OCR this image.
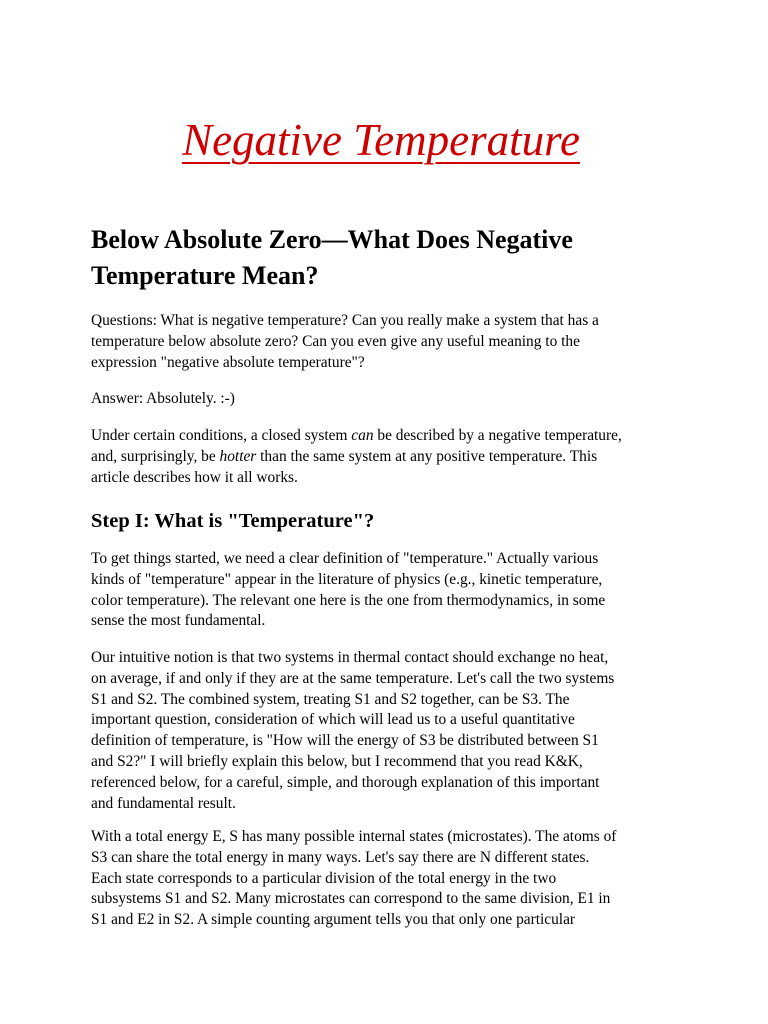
Negative Temperature
Below Absolute Zero—What Does Negative
Temperature Mean?

Questions: What is negative temperature? Can you really make a system that has a
temperature below absolute zero? Can you even give any useful meaning to the
expression "negative absolute temperature"?

Answer: Absolutely. :-)

Under certain conditions, a closed system can be described by a negative temperature,
and, surprisingly, be hotter than the same system at any positive temperature. This
article describes how it all works.

Step I: What is "Temperature"?

To get things started, we need a clear definition of "temperature." Actually various
kinds of "temperature" appear in the literature of physics (e.g., kinetic temperature,
color temperature). The relevant one here is the one from thermodynamics, in some
sense the most fundamental.

Our intuitive notion is that two systems in thermal contact should exchange no heat,
on average, if and only if they are at the same temperature. Let's call the two systems
S1 and S2. The combined system, treating S1 and S2 together, can be S3. The
important question, consideration of which will lead us to a useful quantitative
definition of temperature, is "How will the energy of S3 be distributed between S1
and S2?" I will briefly explain this below, but I recommend that you read K&K,
referenced below, for a careful, simple, and thorough explanation of this important
and fundamental result.

With a total energy E, S has many possible internal states (microstates). The atoms of
S3 can share the total energy in many ways. Let's say there are N different states.
Each state corresponds to a particular division of the total energy in the two
subsystems S1 and S2. Many microstates can correspond to the same division, E1 in
S1 and E2 in S2. A simple counting argument tells you that only one particular
